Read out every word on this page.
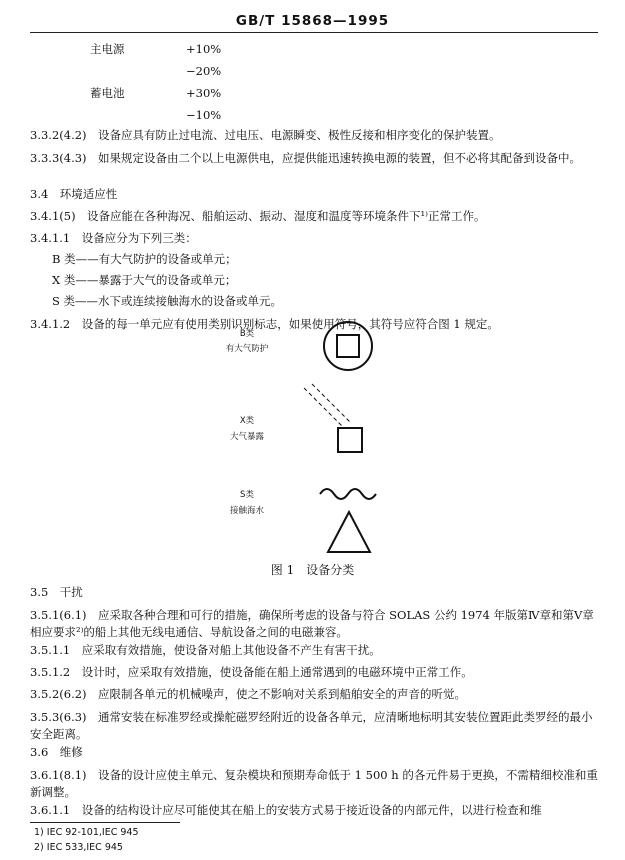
GB/T 15868—1995
主电源	+10%
−20%
蓄电池	+30%
−10%
3.3.2(4.2)　设备应具有防止过电流、过电压、电源瞬变、极性反接和相序变化的保护装置。
3.3.3(4.3)　如果规定设备由二个以上电源供电，应提供能迅速转换电源的装置，但不必将其配备到设备中。
3.4　环境适应性
3.4.1(5)　设备应能在各种海况、船舶运动、振动、湿度和温度等环境条件下¹⁾正常工作。
3.4.1.1　设备应分为下列三类：
B 类——有大气防护的设备或单元；
X 类——暴露于大气的设备或单元；
S 类——水下或连续接触海水的设备或单元。
3.4.1.2　设备的每一单元应有使用类别识别标志，如果使用符号，其符号应符合图 1 规定。
B类
有大气防护
X类
大气暴露
S类
接触海水
图 1　设备分类
3.5　干扰
3.5.1(6.1)　应采取各种合理和可行的措施，确保所考虑的设备与符合 SOLAS 公约 1974 年版第Ⅳ章和第Ⅴ章相应要求²⁾的船上其他无线电通信、导航设备之间的电磁兼容。
3.5.1.1　应采取有效措施，使设备对船上其他设备不产生有害干扰。
3.5.1.2　设计时，应采取有效措施，使设备能在船上通常遇到的电磁环境中正常工作。
3.5.2(6.2)　应限制各单元的机械噪声，使之不影响对关系到船舶安全的声音的听觉。
3.5.3(6.3)　通常安装在标准罗经或操舵磁罗经附近的设备各单元，应清晰地标明其安装位置距此类罗经的最小安全距离。
3.6　维修
3.6.1(8.1)　设备的设计应使主单元、复杂模块和预期寿命低于 1 500 h 的各元件易于更换，不需精细校准和重新调整。
3.6.1.1　设备的结构设计应尽可能使其在船上的安装方式易于接近设备的内部元件，以进行检查和维
1) IEC 92-101,IEC 945
2) IEC 533,IEC 945
